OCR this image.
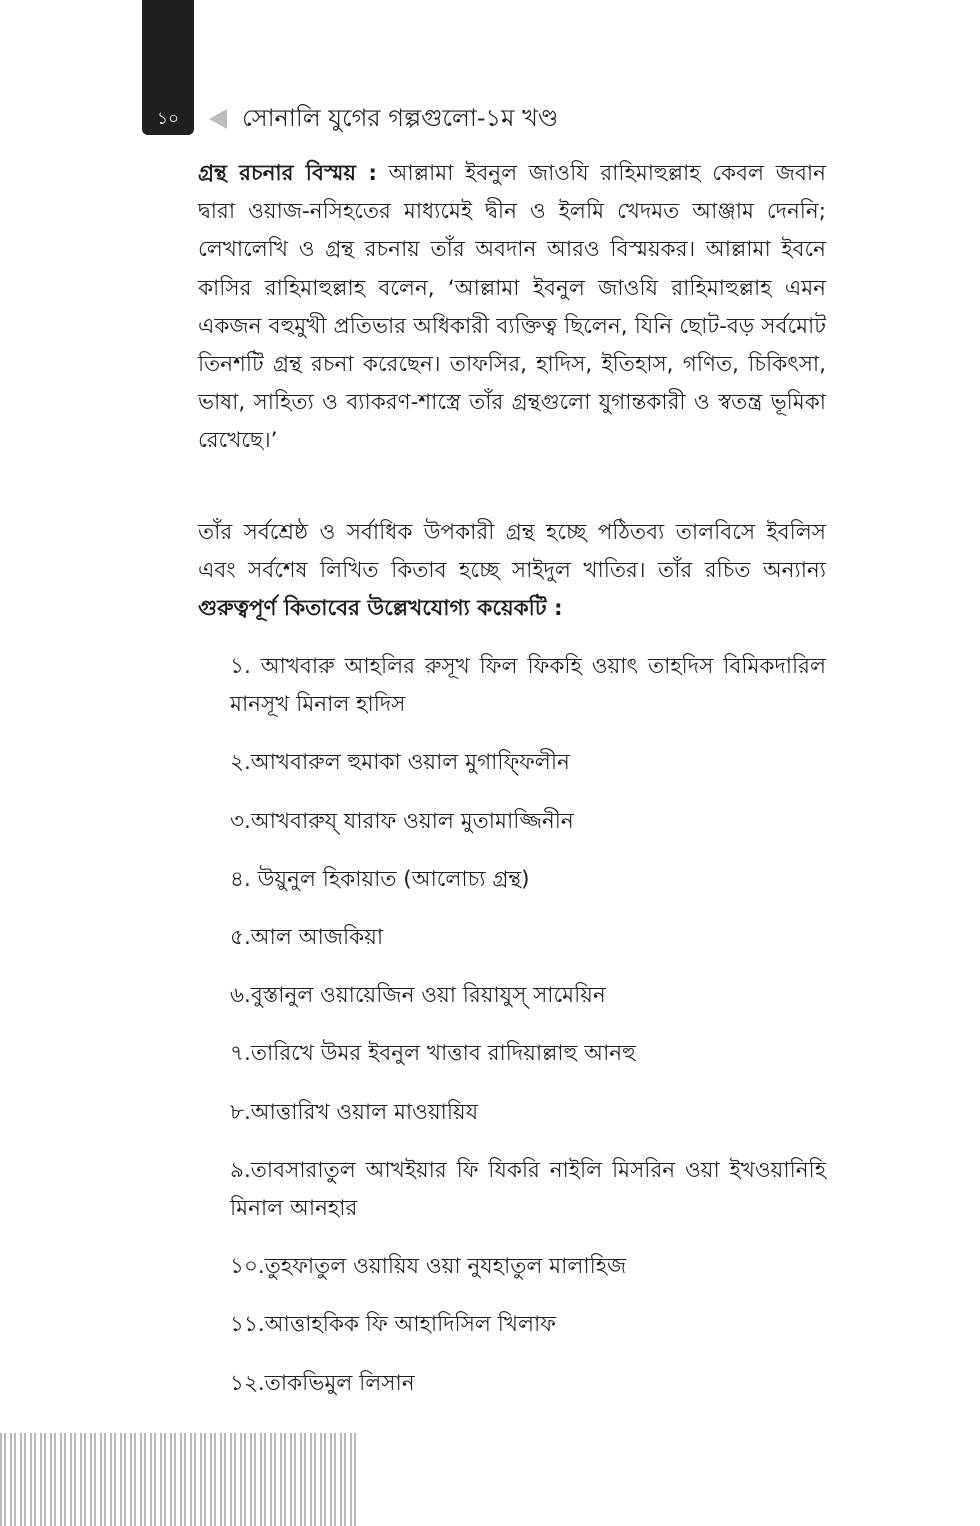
১০	সোনালি যুগের গল্পগুলো-১ম খণ্ড

গ্রন্থ রচনার বিস্ময় : আল্লামা ইবনুল জাওযি রাহিমাহুল্লাহ কেবল জবান দ্বারা ওয়াজ-নসিহতের মাধ্যমেই দ্বীন ও ইলমি খেদমত আঞ্জাম দেননি; লেখালেখি ও গ্রন্থ রচনায় তাঁর অবদান আরও বিস্ময়কর। আল্লামা ইবনে কাসির রাহিমাহুল্লাহ বলেন, ‘আল্লামা ইবনুল জাওযি রাহিমাহুল্লাহ এমন একজন বহুমুখী প্রতিভার অধিকারী ব্যক্তিত্ব ছিলেন, যিনি ছোট-বড় সর্বমোট তিনশটি গ্রন্থ রচনা করেছেন। তাফসির, হাদিস, ইতিহাস, গণিত, চিকিৎসা, ভাষা, সাহিত্য ও ব্যাকরণ-শাস্ত্রে তাঁর গ্রন্থগুলো যুগান্তকারী ও স্বতন্ত্র ভূমিকা রেখেছে।’

তাঁর সর্বশ্রেষ্ঠ ও সর্বাধিক উপকারী গ্রন্থ হচ্ছে পঠিতব্য তালবিসে ইবলিস এবং সর্বশেষ লিখিত কিতাব হচ্ছে সাইদুল খাতির। তাঁর রচিত অন্যান্য গুরুত্বপূর্ণ কিতাবের উল্লেখযোগ্য কয়েকটি :

১. আখবারু আহলির রুসূখ ফিল ফিকহি ওয়াৎ তাহদিস বিমিকদারিল মানসূখ মিনাল হাদিস
২.আখবারুল হুমাকা ওয়াল মুগাফ্ফিলীন
৩.আখবারুয্ যারাফ ওয়াল মুতামাজ্জিনীন
৪. উয়ুনুল হিকায়াত (আলোচ্য গ্রন্থ)
৫.আল আজকিয়া
৬.বুস্তানুল ওয়ায়েজিন ওয়া রিয়াযুস্ সামেয়িন
৭.তারিখে উমর ইবনুল খাত্তাব রাদিয়াল্লাহু আনহু
৮.আত্তারিখ ওয়াল মাওয়ায়িয
৯.তাবসারাতুল আখইয়ার ফি যিকরি নাইলি মিসরিন ওয়া ইখওয়ানিহি মিনাল আনহার
১০.তুহফাতুল ওয়ায়িয ওয়া নুযহাতুল মালাহিজ
১১.আত্তাহকিক ফি আহাদিসিল খিলাফ
১২.তাকভিমুল লিসান
